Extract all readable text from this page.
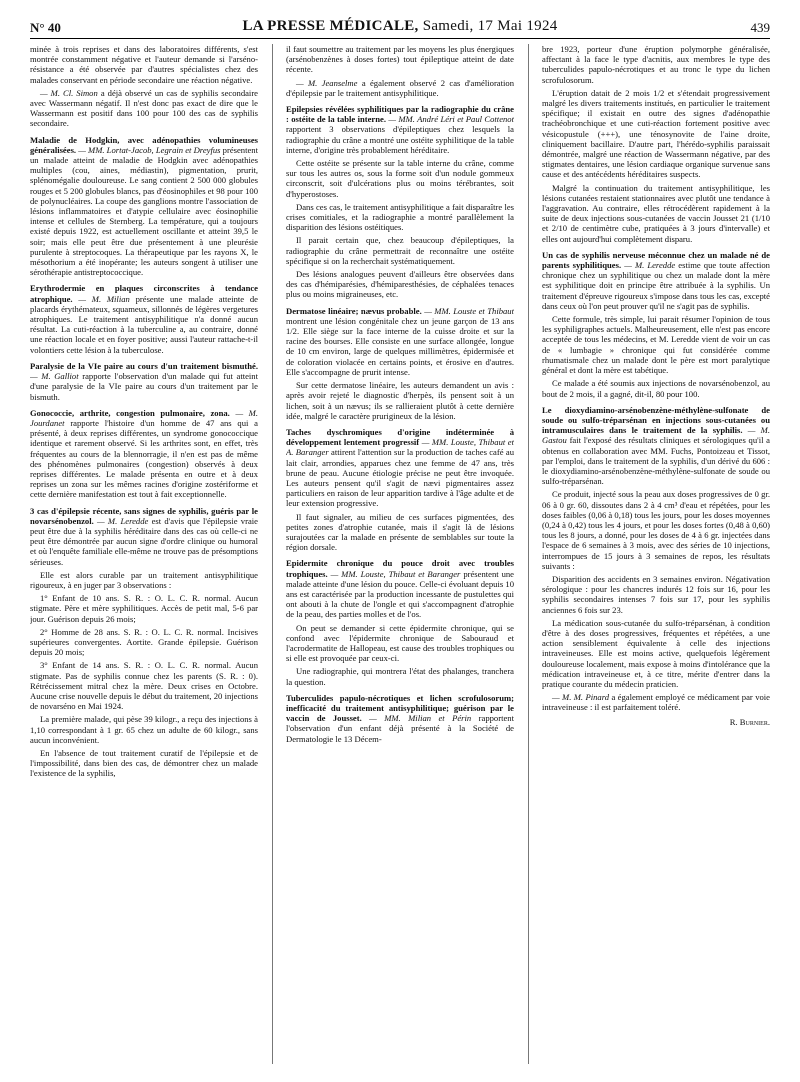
N° 40	LA PRESSE MÉDICALE, Samedi, 17 Mai 1924	439

minée à trois reprises et dans des laboratoires différents, s'est montrée constamment négative et l'auteur demande si l'arséno-résistance a été observée par d'autres spécialistes chez des malades conservant en période secondaire une réaction négative.

— M. Cl. Simon a déjà observé un cas de syphilis secondaire avec Wassermann négatif. Il n'est donc pas exact de dire que le Wassermann est positif dans 100 pour 100 des cas de syphilis secondaire.

Maladie de Hodgkin, avec adénopathies volumineuses généralisées. — MM. Lortat-Jacob, Legrain et Dreyfus présentent un malade atteint de maladie de Hodgkin avec adénopathies multiples (cou, aines, médiastin), pigmentation, prurit, splénomégalie douloureuse. Le sang contient 2 500 000 globules rouges et 5 200 globules blancs, pas d'éosinophiles et 98 pour 100 de polynucléaires. La coupe des ganglions montre l'association de lésions inflammatoires et d'atypie cellulaire avec éosinophilie intense et cellules de Sternberg. La température, qui a toujours existé depuis 1922, est actuellement oscillante et atteint 39,5 le soir; mais elle peut être due présentement à une pleurésie purulente à streptocoques. La thérapeutique par les rayons X, le mésothorium a été inopérante; les auteurs songent à utiliser une sérothérapie antistreptococcique.

Erythrodermie en plaques circonscrites à tendance atrophique. — M. Milian présente une malade atteinte de placards érythémateux, squameux, sillonnés de légères vergetures atrophiques. Le traitement antisyphilitique n'a donné aucun résultat. La cuti-réaction à la tuberculine a, au contraire, donné une réaction locale et en foyer positive; aussi l'auteur rattache-t-il volontiers cette lésion à la tuberculose.

Paralysie de la VIe paire au cours d'un traitement bismuthé. — M. Galliot rapporte l'observation d'un malade qui fut atteint d'une paralysie de la VIe paire au cours d'un traitement par le bismuth.

Gonococcie, arthrite, congestion pulmonaire, zona. — M. Jourdanet rapporte l'histoire d'un homme de 47 ans qui a présenté, à deux reprises différentes, un syndrome gonococcique identique et rarement observé. Si les arthrites sont, en effet, très fréquentes au cours de la blennorragie, il n'en est pas de même des phénomènes pulmonaires (congestion) observés à deux reprises différentes. Le malade présenta en outre et à deux reprises un zona sur les mêmes racines d'origine zostériforme et cette dernière manifestation est tout à fait exceptionnelle.

3 cas d'épilepsie récente, sans signes de syphilis, guéris par le novarsénobenzol. — M. Leredde est d'avis que l'épilepsie vraie peut être due à la syphilis héréditaire dans des cas où celle-ci ne peut être démontrée par aucun signe d'ordre clinique ou humoral et où l'enquête familiale elle-même ne trouve pas de présomptions sérieuses.

Elle est alors curable par un traitement antisyphilitique rigoureux, à en juger par 3 observations :

1° Enfant de 10 ans. S. R. : O. L. C. R. normal. Aucun stigmate. Père et mère syphilitiques. Accès de petit mal, 5-6 par jour. Guérison depuis 26 mois;

2° Homme de 28 ans. S. R. : O. L. C. R. normal. Incisives supérieures convergentes. Aortite. Grande épilepsie. Guérison depuis 20 mois;

3° Enfant de 14 ans. S. R. : O. L. C. R. normal. Aucun stigmate. Pas de syphilis connue chez les parents (S. R. : 0). Rétrécissement mitral chez la mère. Deux crises en Octobre. Aucune crise nouvelle depuis le début du traitement, 20 injections de novarséno en Mai 1924.

La première malade, qui pèse 39 kilogr., a reçu des injections à 1,10 correspondant à 1 gr. 65 chez un adulte de 60 kilogr., sans aucun inconvénient.

En l'absence de tout traitement curatif de l'épilepsie et de l'impossibilité, dans bien des cas, de démontrer chez un malade l'existence de la syphilis,

il faut soumettre au traitement par les moyens les plus énergiques (arsénobenzènes à doses fortes) tout épileptique atteint de date récente.

— M. Jeanselme a également observé 2 cas d'amélioration d'épilepsie par le traitement antisyphilitique.

Epilepsies révélées syphilitiques par la radiographie du crâne : ostéite de la table interne. — MM. André Léri et Paul Cottenot rapportent 3 observations d'épileptiques chez lesquels la radiographie du crâne a montré une ostéite syphilitique de la table interne, d'origine très probablement héréditaire.

Cette ostéite se présente sur la table interne du crâne, comme sur tous les autres os, sous la forme soit d'un nodule gommeux circonscrit, soit d'ulcérations plus ou moins térébrantes, soit d'hyperostoses.

Dans ces cas, le traitement antisyphilitique a fait disparaître les crises comitiales, et la radiographie a montré parallèlement la disparition des lésions ostéitiques.

Il parait certain que, chez beaucoup d'épileptiques, la radiographie du crâne permettrait de reconnaître une ostéite spécifique si on la recherchait systématiquement.

Des lésions analogues peuvent d'ailleurs être observées dans des cas d'hémiparésies, d'hémiparesthésies, de céphalées tenaces plus ou moins migraineuses, etc.

Dermatose linéaire; nævus probable. — MM. Louste et Thibaut montrent une lésion congénitale chez un jeune garçon de 13 ans 1/2. Elle siège sur la face interne de la cuisse droite et sur la racine des bourses. Elle consiste en une surface allongée, longue de 10 cm environ, large de quelques millimètres, épidermisée et de coloration violacée en certains points, et érosive en d'autres. Elle s'accompagne de prurit intense.

Sur cette dermatose linéaire, les auteurs demandent un avis : après avoir rejeté le diagnostic d'herpès, ils pensent soit à un lichen, soit à un nævus; ils se rallieraient plutôt à cette dernière idée, malgré le caractère prurigineux de la lésion.

Taches dyschromiques d'origine indéterminée à développement lentement progressif — MM. Louste, Thibaut et A. Baranger attirent l'attention sur la production de taches café au lait clair, arrondies, apparues chez une femme de 47 ans, très brune de peau. Aucune étiologie précise ne peut être invoquée. Les auteurs pensent qu'il s'agit de nævi pigmentaires assez particuliers en raison de leur apparition tardive à l'âge adulte et de leur extension progressive.

Il faut signaler, au milieu de ces surfaces pigmentées, des petites zones d'atrophie cutanée, mais il s'agit là de lésions surajoutées car la malade en présente de semblables sur toute la région dorsale.

Epidermite chronique du pouce droit avec troubles trophiques. — MM. Louste, Thibaut et Baranger présentent une malade atteinte d'une lésion du pouce. Celle-ci évoluant depuis 10 ans est caractérisée par la production incessante de pustulettes qui ont abouti à la chute de l'ongle et qui s'accompagnent d'atrophie de la peau, des parties molles et de l'os.

On peut se demander si cette épidermite chronique, qui se confond avec l'épidermite chronique de Sabouraud et l'acrodermatite de Hallopeau, est cause des troubles trophiques ou si elle est provoquée par ceux-ci.

Une radiographie, qui montrera l'état des phalanges, tranchera la question.

Tuberculides papulo-nécrotiques et lichen scrofulosorum; inefficacité du traitement antisyphilitique; guérison par le vaccin de Jousset. — MM. Milian et Périn rapportent l'observation d'un enfant déjà présenté à la Société de Dermatologie le 13 Décem-

bre 1923, porteur d'une éruption polymorphe généralisée, affectant à la face le type d'acnitis, aux membres le type des tuberculides papulo-nécrotiques et au tronc le type du lichen scrofulosorum.

L'éruption datait de 2 mois 1/2 et s'étendait progressivement malgré les divers traitements institués, en particulier le traitement spécifique; il existait en outre des signes d'adénopathie trachéobronchique et une cuti-réaction fortement positive avec vésicopustule (+++), une ténosynovite de l'aine droite, cliniquement bacillaire. D'autre part, l'hérédo-syphilis paraissait démontrée, malgré une réaction de Wassermann négative, par des stigmates dentaires, une lésion cardiaque organique survenue sans cause et des antécédents héréditaires suspects.

Malgré la continuation du traitement antisyphilitique, les lésions cutanées restaient stationnaires avec plutôt une tendance à l'aggravation. Au contraire, elles rétrocédèrent rapidement à la suite de deux injections sous-cutanées de vaccin Jousset 21 (1/10 et 2/10 de centimètre cube, pratiquées à 3 jours d'intervalle) et elles ont aujourd'hui complètement disparu.

Un cas de syphilis nerveuse méconnue chez un malade né de parents syphilitiques. — M. Leredde estime que toute affection chronique chez un syphilitique ou chez un malade dont la mère est syphilitique doit en principe être attribuée à la syphilis. Un traitement d'épreuve rigoureux s'impose dans tous les cas, excepté dans ceux où l'on peut prouver qu'il ne s'agit pas de syphilis.

Cette formule, très simple, lui parait résumer l'opinion de tous les syphiligraphes actuels. Malheureusement, elle n'est pas encore acceptée de tous les médecins, et M. Leredde vient de voir un cas de « lumbagie » chronique qui fut considérée comme rhumatismale chez un malade dont le père est mort paralytique général et dont la mère est tabétique.

Ce malade a été soumis aux injections de novarsénobenzol, au bout de 2 mois, il a gagné, dit-il, 80 pour 100.

Le dioxydiamino-arsénobenzène-méthylène-sulfonate de soude ou sulfo-tréparsénan en injections sous-cutanées ou intramusculaires dans le traitement de la syphilis. — M. Gastou fait l'exposé des résultats cliniques et sérologiques qu'il a obtenus en collaboration avec MM. Fuchs, Pontoizeau et Tissot, par l'emploi, dans le traitement de la syphilis, d'un dérivé du 606 : le dioxydiamino-arsénobenzène-méthylène-sulfonate de soude ou sulfo-tréparsénan.

Ce produit, injecté sous la peau aux doses progressives de 0 gr. 06 à 0 gr. 60, dissoutes dans 2 à 4 cm³ d'eau et répétées, pour les doses faibles (0,06 à 0,18) tous les jours, pour les doses moyennes (0,24 à 0,42) tous les 4 jours, et pour les doses fortes (0,48 à 0,60) tous les 8 jours, a donné, pour les doses de 4 à 6 gr. injectées dans l'espace de 6 semaines à 3 mois, avec des séries de 10 injections, interrompues de 15 jours à 3 semaines de repos, les résultats suivants :

Disparition des accidents en 3 semaines environ. Négativation sérologique : pour les chancres indurés 12 fois sur 16, pour les syphilis secondaires intenses 7 fois sur 17, pour les syphilis anciennes 6 fois sur 23.

La médication sous-cutanée du sulfo-tréparsénan, à condition d'être à des doses progressives, fréquentes et répétées, a une action sensiblement équivalente à celle des injections intraveineuses. Elle est moins active, quelquefois légèrement douloureuse localement, mais expose à moins d'intolérance que la médication intraveineuse et, à ce titre, mérite d'entrer dans la pratique courante du médecin praticien.

— M. M. Pinard a également employé ce médicament par voie intraveineuse : il est parfaitement toléré.

R. Burnier.
